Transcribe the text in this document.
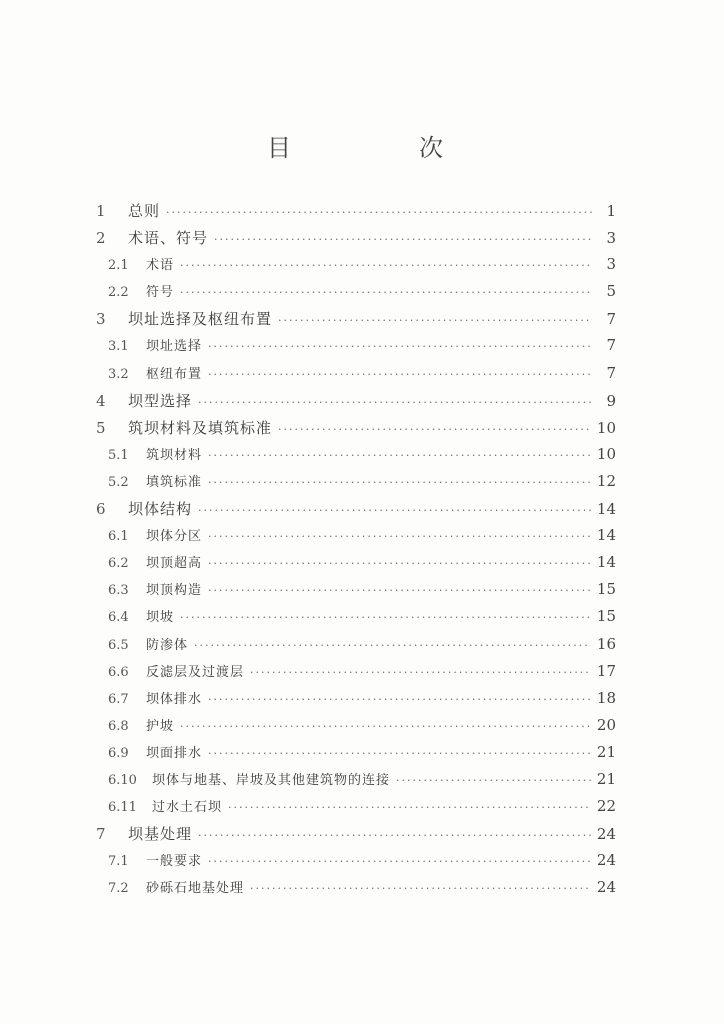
目　次
1	总则 ·····	1
2	术语、符号 ·····	3
2.1	术语 ·····	3
2.2	符号 ·····	5
3	坝址选择及枢纽布置 ·····	7
3.1	坝址选择 ·····	7
3.2	枢纽布置 ·····	7
4	坝型选择 ·····	9
5	筑坝材料及填筑标准 ·····	10
5.1	筑坝材料 ·····	10
5.2	填筑标准 ·····	12
6	坝体结构 ·····	14
6.1	坝体分区 ·····	14
6.2	坝顶超高 ·····	14
6.3	坝顶构造 ·····	15
6.4	坝坡 ·····	15
6.5	防渗体 ·····	16
6.6	反滤层及过渡层 ·····	17
6.7	坝体排水 ·····	18
6.8	护坡 ·····	20
6.9	坝面排水 ·····	21
6.10	坝体与地基、岸坡及其他建筑物的连接 ·····	21
6.11	过水土石坝 ·····	22
7	坝基处理 ·····	24
7.1	一般要求 ·····	24
7.2	砂砾石地基处理 ·····	24
